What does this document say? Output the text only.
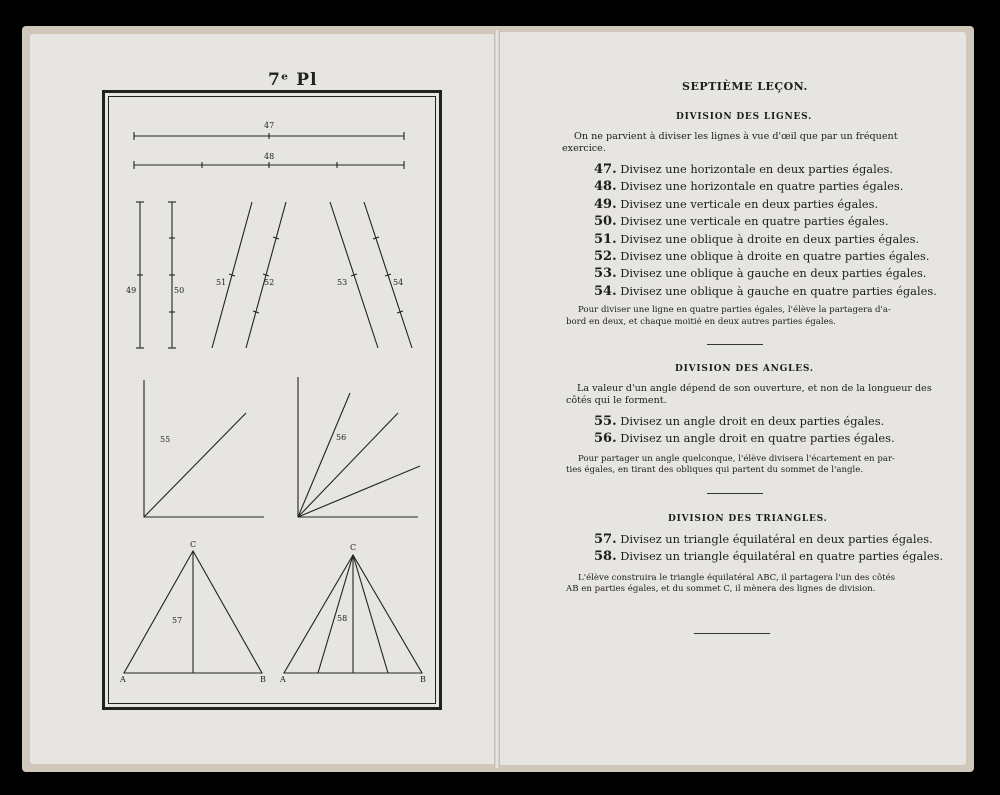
7ᵉ Pl
47
48
49	50
51	52	53	54
55	56
57	58
C
A	B
C
A	B
SEPTIÈME LEÇON.
DIVISION DES LIGNES.
On ne parvient à diviser les lignes à vue d'œil que par un fréquent
exercice.
47. Divisez une horizontale en deux parties égales.
48. Divisez une horizontale en quatre parties égales.
49. Divisez une verticale en deux parties égales.
50. Divisez une verticale en quatre parties égales.
51. Divisez une oblique à droite en deux parties égales.
52. Divisez une oblique à droite en quatre parties égales.
53. Divisez une oblique à gauche en deux parties égales.
54. Divisez une oblique à gauche en quatre parties égales.
Pour diviser une ligne en quatre parties égales, l'élève la partagera d'a-
bord en deux, et chaque moitié en deux autres parties égales.
DIVISION DES ANGLES.
La valeur d'un angle dépend de son ouverture, et non de la longueur des
côtés qui le forment.
55. Divisez un angle droit en deux parties égales.
56. Divisez un angle droit en quatre parties égales.
Pour partager un angle quelconque, l'élève divisera l'écartement en par-
ties égales, en tirant des obliques qui partent du sommet de l'angle.
DIVISION DES TRIANGLES.
57. Divisez un triangle équilatéral en deux parties égales.
58. Divisez un triangle équilatéral en quatre parties égales.
L'élève construira le triangle équilatéral ABC, il partagera l'un des côtés
AB en parties égales, et du sommet C, il mènera des lignes de division.
